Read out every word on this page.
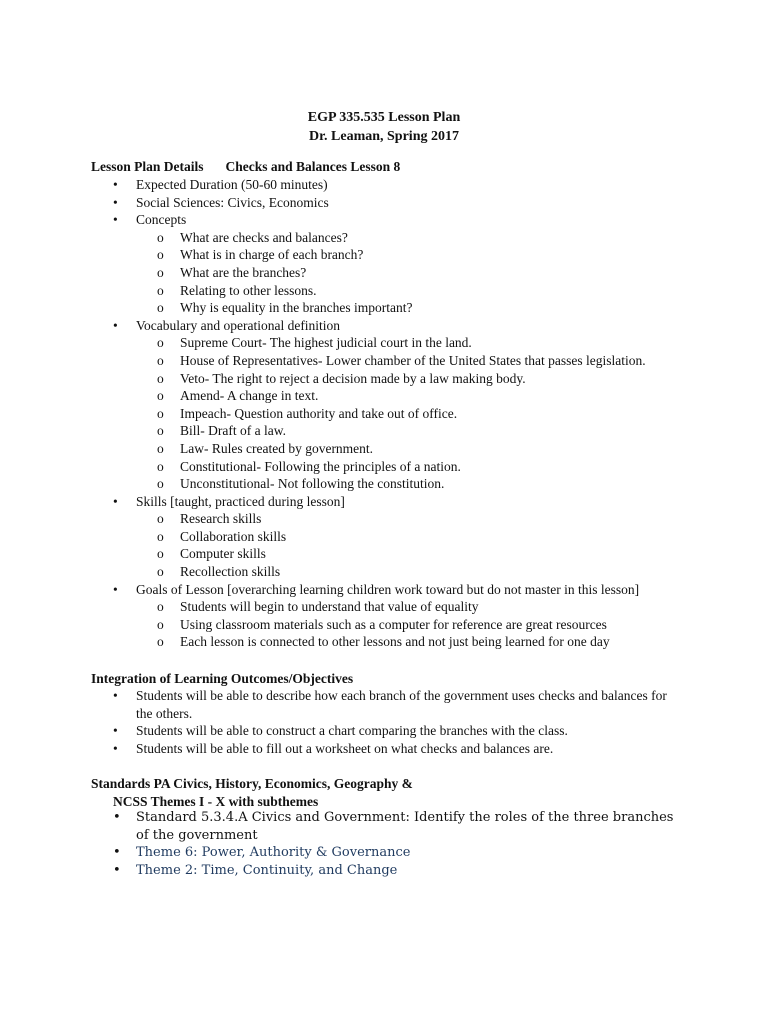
EGP 335.535 Lesson Plan
Dr. Leaman, Spring 2017
Lesson Plan Details Checks and Balances Lesson 8
• Expected Duration (50-60 minutes)
• Social Sciences: Civics, Economics
• Concepts
o What are checks and balances?
o What is in charge of each branch?
o What are the branches?
o Relating to other lessons.
o Why is equality in the branches important?
• Vocabulary and operational definition
o Supreme Court- The highest judicial court in the land.
o House of Representatives- Lower chamber of the United States that passes legislation.
o Veto- The right to reject a decision made by a law making body.
o Amend- A change in text.
o Impeach- Question authority and take out of office.
o Bill- Draft of a law.
o Law- Rules created by government.
o Constitutional- Following the principles of a nation.
o Unconstitutional- Not following the constitution.
• Skills [taught, practiced during lesson]
o Research skills
o Collaboration skills
o Computer skills
o Recollection skills
• Goals of Lesson [overarching learning children work toward but do not master in this lesson]
o Students will begin to understand that value of equality
o Using classroom materials such as a computer for reference are great resources
o Each lesson is connected to other lessons and not just being learned for one day
Integration of Learning Outcomes/Objectives
• Students will be able to describe how each branch of the government uses checks and balances for the others.
• Students will be able to construct a chart comparing the branches with the class.
• Students will be able to fill out a worksheet on what checks and balances are.
Standards PA Civics, History, Economics, Geography &
NCSS Themes I - X with subthemes
• Standard 5.3.4.A Civics and Government: Identify the roles of the three branches of the government
• Theme 6: Power, Authority & Governance
• Theme 2: Time, Continuity, and Change
